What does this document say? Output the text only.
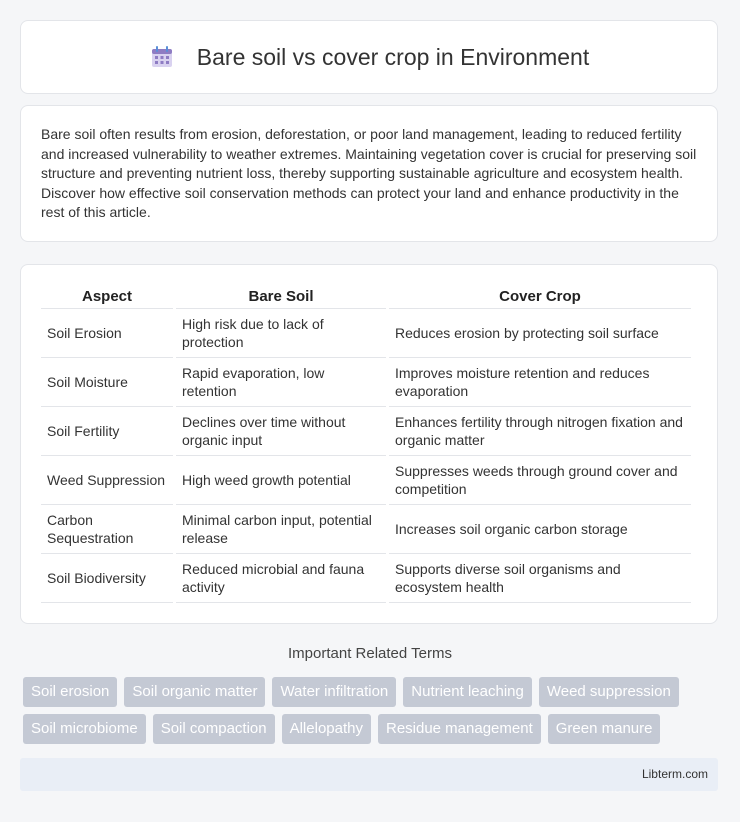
Bare soil vs cover crop in Environment

Bare soil often results from erosion, deforestation, or poor land management, leading to reduced fertility and increased vulnerability to weather extremes. Maintaining vegetation cover is crucial for preserving soil structure and preventing nutrient loss, thereby supporting sustainable agriculture and ecosystem health. Discover how effective soil conservation methods can protect your land and enhance productivity in the rest of this article.

Aspect	Bare Soil	Cover Crop
Soil Erosion	High risk due to lack of protection	Reduces erosion by protecting soil surface
Soil Moisture	Rapid evaporation, low retention	Improves moisture retention and reduces evaporation
Soil Fertility	Declines over time without organic input	Enhances fertility through nitrogen fixation and organic matter
Weed Suppression	High weed growth potential	Suppresses weeds through ground cover and competition
Carbon Sequestration	Minimal carbon input, potential release	Increases soil organic carbon storage
Soil Biodiversity	Reduced microbial and fauna activity	Supports diverse soil organisms and ecosystem health
Important Related Terms
Soil erosion	Soil organic matter	Water infiltration	Nutrient leaching	Weed suppression
Soil microbiome	Soil compaction	Allelopathy	Residue management	Green manure
Libterm.com
